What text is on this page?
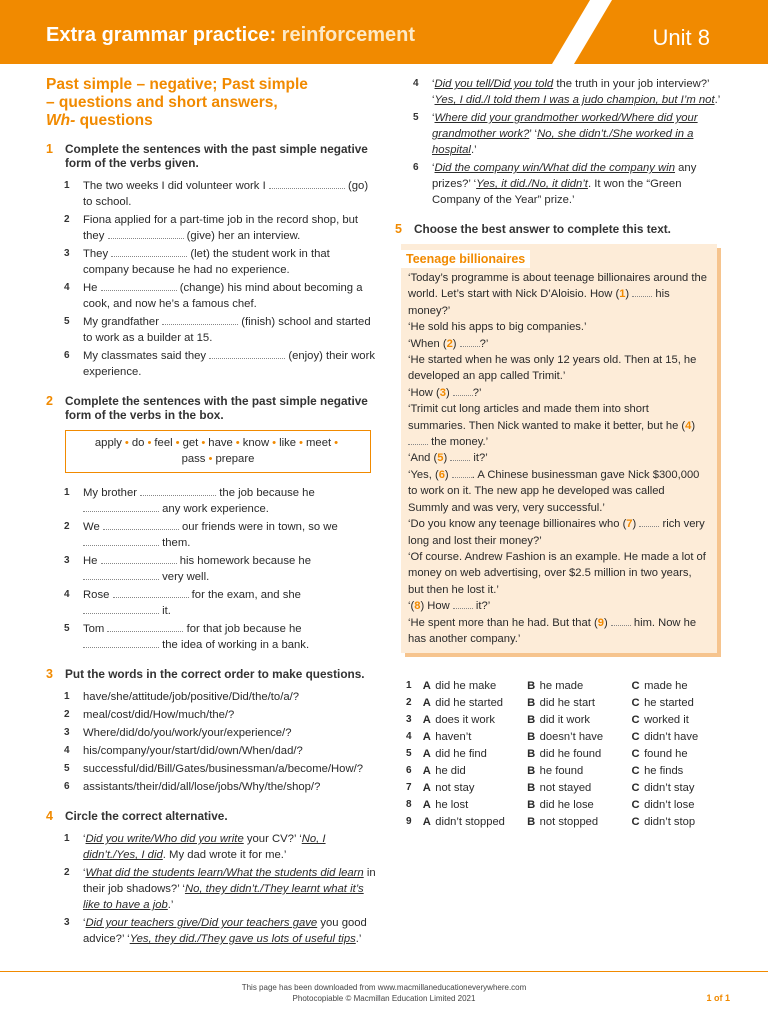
Extra grammar practice: reinforcement	Unit 8
Past simple – negative; Past simple
– questions and short answers,
Wh- questions
1 Complete the sentences with the past simple negative form of the verbs given.
1 The two weeks I did volunteer work I	(go) to school.
2 Fiona applied for a part-time job in the record shop, but they	(give) her an interview.
3 They	(let) the student work in that company because he had no experience.
4 He	(change) his mind about becoming a cook, and now he’s a famous chef.
5 My grandfather	(finish) school and started to work as a builder at 15.
6 My classmates said they	(enjoy) their work experience.
2 Complete the sentences with the past simple negative form of the verbs in the box.
apply • do • feel • get • have • know • like • meet •
pass • prepare
1 My brother	the job because he  any work experience.
2 We	our friends were in town, so we  them.
3 He	his homework because he  very well.
4 Rose	for the exam, and she  it.
5 Tom	for that job because he  the idea of working in a bank.
3 Put the words in the correct order to make questions.
1 have/she/attitude/job/positive/Did/the/to/a/?
2 meal/cost/did/How/much/the/?
3 Where/did/do/you/work/your/experience/?
4 his/company/your/start/did/own/When/dad/?
5 successful/did/Bill/Gates/businessman/a/become/How/?
6 assistants/their/did/all/lose/jobs/Why/the/shop/?
4 Circle the correct alternative.
1 ‘Did you write/Who did you write your CV?’ ‘No, I didn’t./Yes, I did. My dad wrote it for me.’
2 ‘What did the students learn/What the students did learn in their job shadows?’ ‘No, they didn’t./They learnt what it’s like to have a job.’
3 ‘Did your teachers give/Did your teachers gave you good advice?’ ‘Yes, they did./They gave us lots of useful tips.’
4 ‘Did you tell/Did you told the truth in your job interview?’ ‘Yes, I did./I told them I was a judo champion, but I’m not.’
5 ‘Where did your grandmother worked/Where did your grandmother work?’ ‘No, she didn’t./She worked in a hospital.’
6 ‘Did the company win/What did the company win any prizes?’ ‘Yes, it did./No, it didn’t. It won the “Green Company of the Year” prize.’
5 Choose the best answer to complete this text.
Teenage billionaires

‘Today’s programme is about teenage billionaires around the world. Let’s start with Nick D’Aloisio. How (1)  his money?’

‘He sold his apps to big companies.’

‘When (2) ?’

‘He started when he was only 12 years old. Then at 15, he developed an app called Trimit.’

‘How (3) ?’

‘Trimit cut long articles and made them into short summaries. Then Nick wanted to make it better, but he (4)  the money.’

‘And (5)  it?’

‘Yes, (6) . A Chinese businessman gave Nick $300,000 to work on it. The new app he developed was called Summly and was very, very successful.’

‘Do you know any teenage billionaires who (7)  rich very long and lost their money?’

‘Of course. Andrew Fashion is an example. He made a lot of money on web advertising, over $2.5 million in two years, but then he lost it.’

‘(8) How  it?’

‘He spent more than he had. But that (9)  him. Now he has another company.’

1	A	did he make	B	he made	C	made he
2	A	did he started	B	did he start	C	he started
3	A	does it work	B	did it work	C	worked it
4	A	haven’t	B	doesn’t have	C	didn’t have
5	A	did he find	B	did he found	C	found he
6	A	he did	B	he found	C	he finds
7	A	not stay	B	not stayed	C	didn’t stay
8	A	he lost	B	did he lose	C	didn’t lose
9	A	didn’t stopped	B	not stopped	C	didn’t stop
This page has been downloaded from www.macmillaneducationeverywhere.com
Photocopiable © Macmillan Education Limited 2021	1 of 1
